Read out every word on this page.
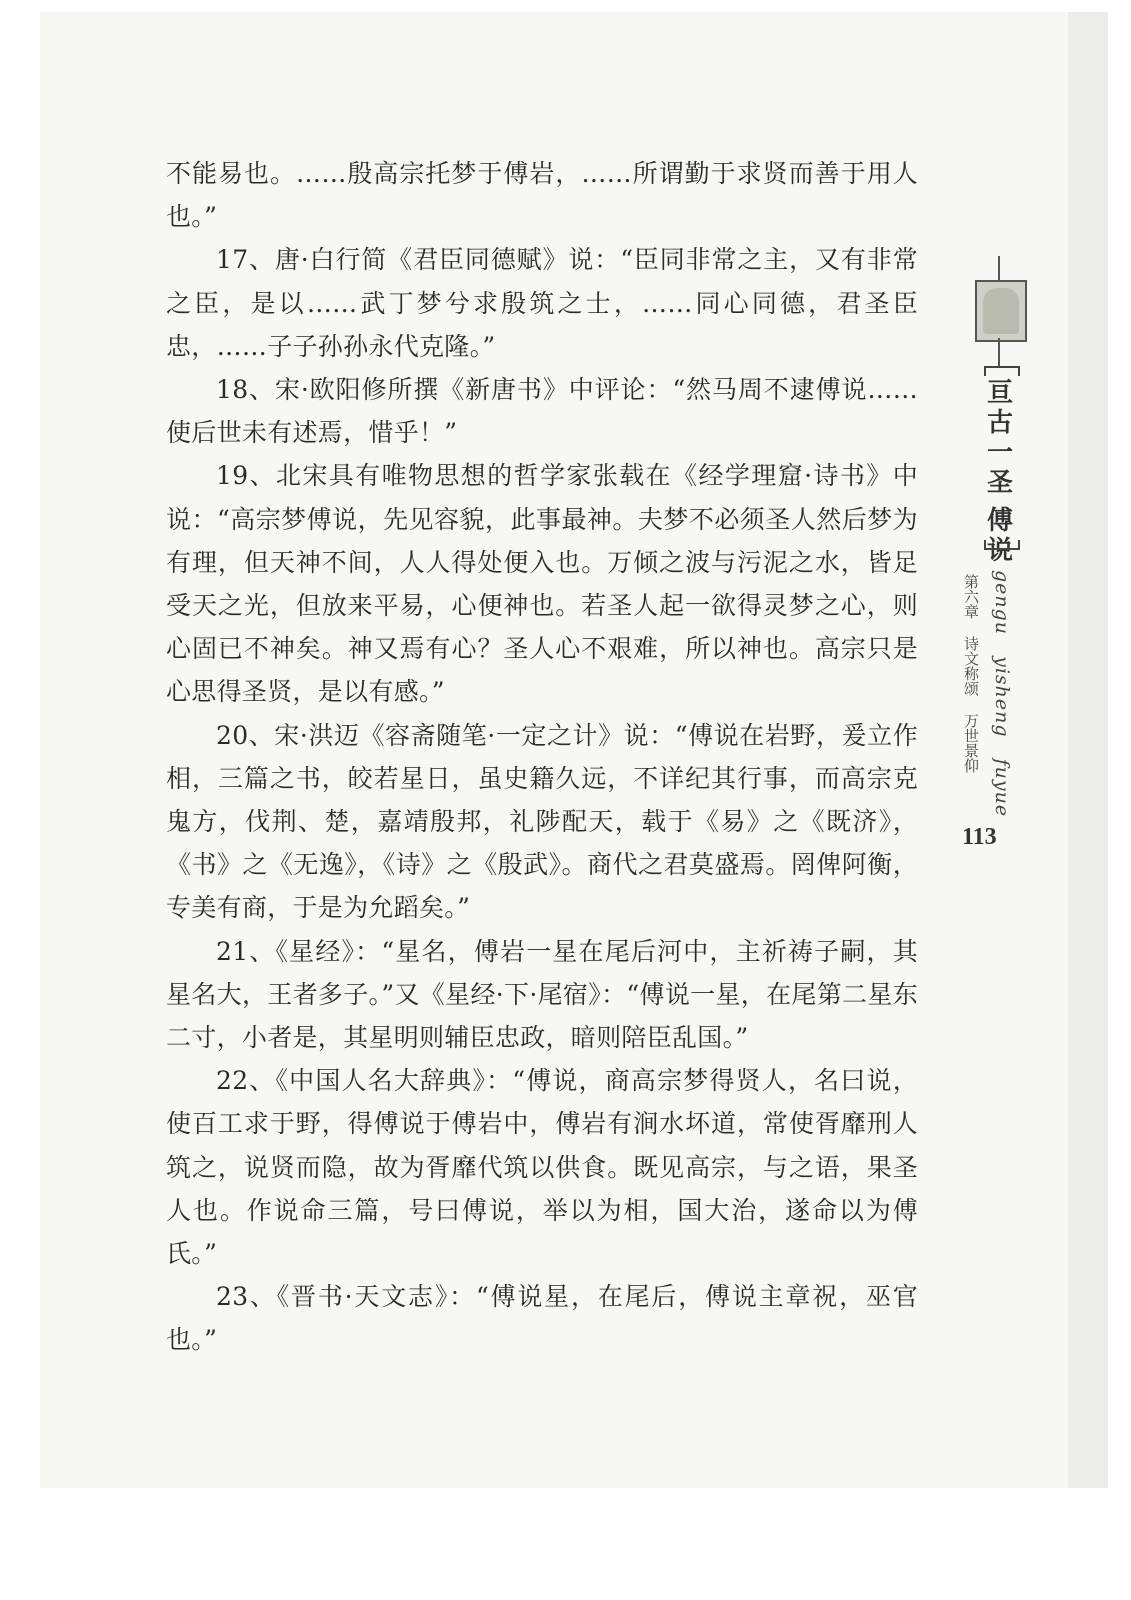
不能易也。……殷高宗托梦于傅岩，……所谓勤于求贤而善于用人也。”

17、唐·白行简《君臣同德赋》说：“臣同非常之主，又有非常之臣，是以……武丁梦兮求殷筑之士，……同心同德，君圣臣忠，……子子孙孙永代克隆。”

18、宋·欧阳修所撰《新唐书》中评论：“然马周不逮傅说……使后世未有述焉，惜乎！”

19、北宋具有唯物思想的哲学家张载在《经学理窟·诗书》中说：“高宗梦傅说，先见容貌，此事最神。夫梦不必须圣人然后梦为有理，但天神不间，人人得处便入也。万倾之波与污泥之水，皆足受天之光，但放来平易，心便神也。若圣人起一欲得灵梦之心，则心固已不神矣。神又焉有心？圣人心不艰难，所以神也。高宗只是心思得圣贤，是以有感。”

20、宋·洪迈《容斋随笔·一定之计》说：“傅说在岩野，爰立作相，三篇之书，皎若星日，虽史籍久远，不详纪其行事，而高宗克鬼方，伐荆、楚，嘉靖殷邦，礼陟配天，载于《易》之《既济》，《书》之《无逸》，《诗》之《殷武》。商代之君莫盛焉。罔俾阿衡，专美有商，于是为允蹈矣。”

21、《星经》：“星名，傅岩一星在尾后河中，主祈祷子嗣，其星名大，王者多子。”又《星经·下·尾宿》：“傅说一星，在尾第二星东二寸，小者是，其星明则辅臣忠政，暗则陪臣乱国。”

22、《中国人名大辞典》：“傅说，商高宗梦得贤人，名曰说，使百工求于野，得傅说于傅岩中，傅岩有涧水坏道，常使胥靡刑人筑之，说贤而隐，故为胥靡代筑以供食。既见高宗，与之语，果圣人也。作说命三篇，号曰傅说，举以为相，国大治，遂命以为傅氏。”

23、《晋书·天文志》：“傅说星，在尾后，傅说主章祝，巫官也。”

亘
古
一
圣
傅
说
gengu yisheng fuyue
第六章 诗文称颂 万世景仰
113
